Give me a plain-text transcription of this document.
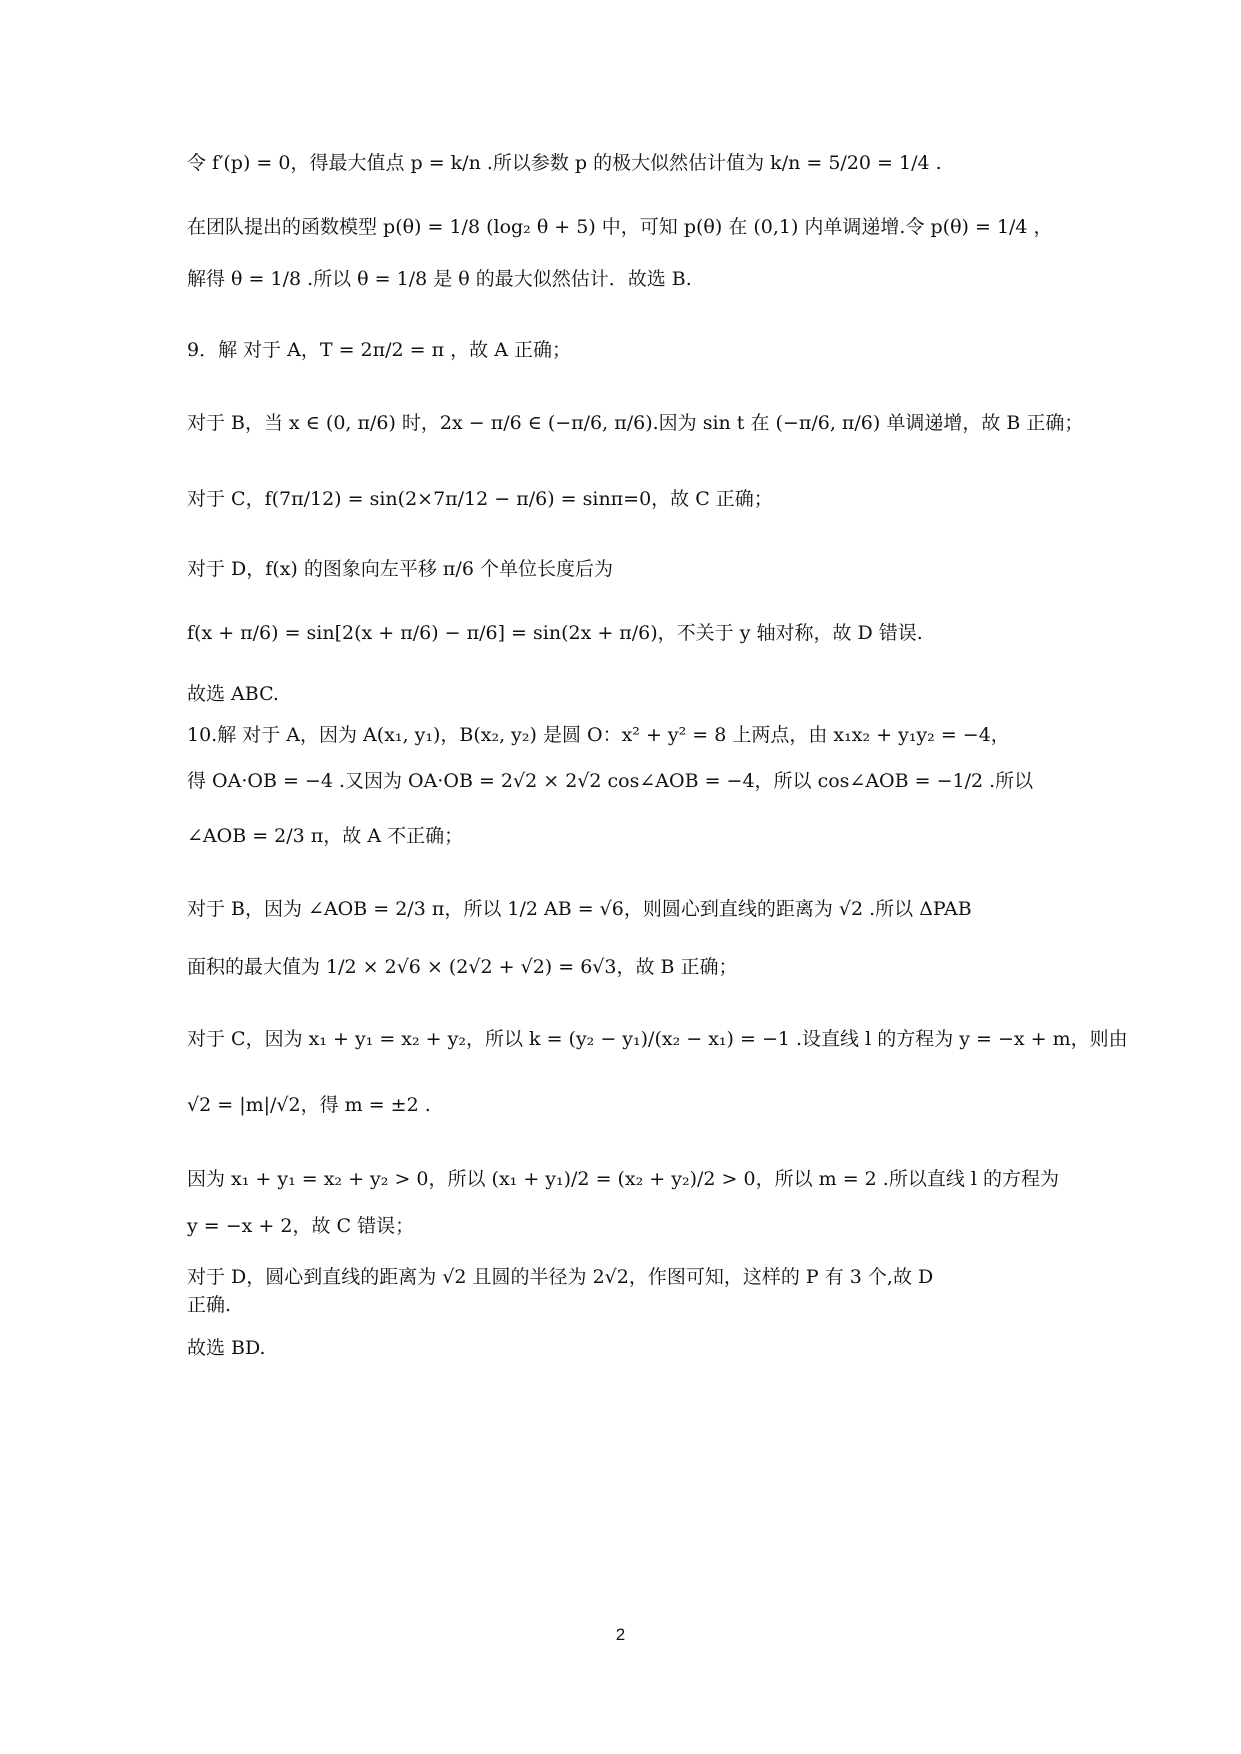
令 f′(p) = 0，得最大值点 p = k/n .所以参数 p 的极大似然估计值为 k/n = 5/20 = 1/4 .
在团队提出的函数模型 p(θ) = 1/8 (log₂ θ + 5) 中，可知 p(θ) 在 (0,1) 内单调递增.令 p(θ) = 1/4 ，
解得 θ = 1/8 .所以 θ = 1/8 是 θ 的最大似然估计．故选 B.
9．解 对于 A，T = 2π/2 = π ，故 A 正确；
对于 B，当 x ∈ (0, π/6) 时，2x − π/6 ∈ (−π/6, π/6).因为 sin t 在 (−π/6, π/6) 单调递增，故 B 正确；
对于 C，f(7π/12) = sin(2×7π/12 − π/6) = sinπ=0，故 C 正确；
对于 D，f(x) 的图象向左平移 π/6 个单位长度后为
f(x + π/6) = sin[2(x + π/6) − π/6] = sin(2x + π/6)，不关于 y 轴对称，故 D 错误.
故选 ABC.
10.解 对于 A，因为 A(x₁, y₁)，B(x₂, y₂) 是圆 O：x² + y² = 8 上两点，由 x₁x₂ + y₁y₂ = −4，
得 OA·OB = −4 .又因为 OA·OB = 2√2 × 2√2 cos∠AOB = −4，所以 cos∠AOB = −1/2 .所以
∠AOB = 2/3 π，故 A 不正确；
对于 B，因为 ∠AOB = 2/3 π，所以 1/2 AB = √6，则圆心到直线的距离为 √2 .所以 ΔPAB
面积的最大值为 1/2 × 2√6 × (2√2 + √2) = 6√3，故 B 正确；
对于 C，因为 x₁ + y₁ = x₂ + y₂，所以 k = (y₂ − y₁)/(x₂ − x₁) = −1 .设直线 l 的方程为 y = −x + m，则由
√2 = |m|/√2，得 m = ±2 .
因为 x₁ + y₁ = x₂ + y₂ > 0，所以 (x₁ + y₁)/2 = (x₂ + y₂)/2 > 0，所以 m = 2 .所以直线 l 的方程为
y = −x + 2，故 C 错误；
对于 D，圆心到直线的距离为 √2 且圆的半径为 2√2，作图可知，这样的 P 有 3 个,故 D
正确.
故选 BD.
2
